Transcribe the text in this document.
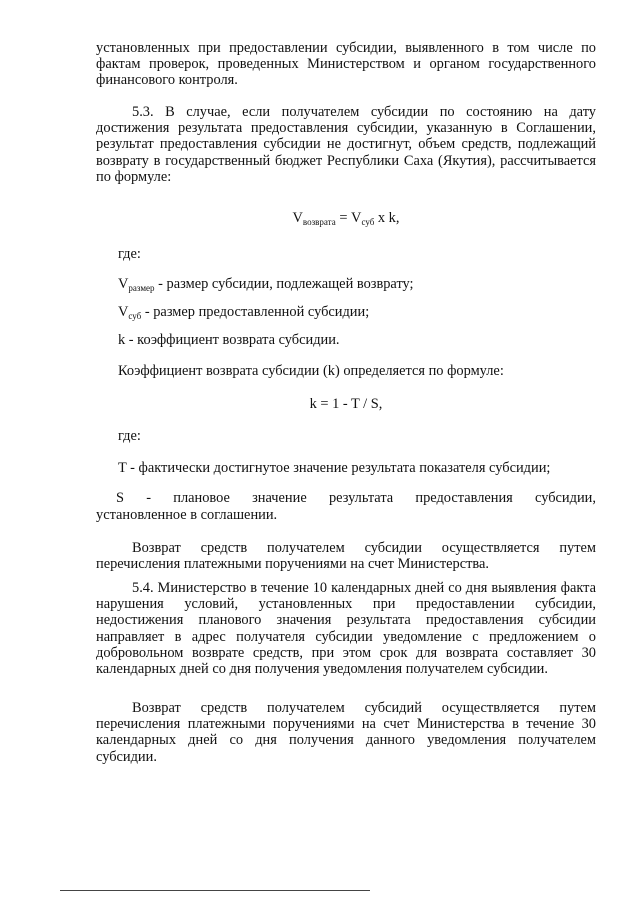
установленных при предоставлении субсидии, выявленного в том числе по фактам проверок, проведенных Министерством и органом государственного финансового контроля.

5.3. В случае, если получателем субсидии по состоянию на дату достижения результата предоставления субсидии, указанную в Соглашении, результат предоставления субсидии не достигнут, объем средств, подлежащий возврату в государственный бюджет Республики Саха (Якутия), рассчитывается по формуле:

$V_{возврата} = V_{суб}$ x k,

где:

$V_{размер}$ - размер субсидии, подлежащей возврату;

$V_{суб}$ - размер предоставленной субсидии;

k - коэффициент возврата субсидии.

Коэффициент возврата субсидии (k) определяется по формуле:

k = 1 - T / S,

где:

T - фактически достигнутое значение результата показателя субсидии;

S - плановое значение результата предоставления субсидии,

установленное в соглашении.

Возврат средств получателем субсидии осуществляется путем перечисления платежными поручениями на счет Министерства.

5.4. Министерство в течение 10 календарных дней со дня выявления факта нарушения условий, установленных при предоставлении субсидии, недостижения планового значения результата предоставления субсидии направляет в адрес получателя субсидии уведомление с предложением о добровольном возврате средств, при этом срок для возврата составляет 30 календарных дней со дня получения уведомления получателем субсидии.

Возврат средств получателем субсидий осуществляется путем перечисления платежными поручениями на счет Министерства в течение 30 календарных дней со дня получения данного уведомления получателем субсидии.
